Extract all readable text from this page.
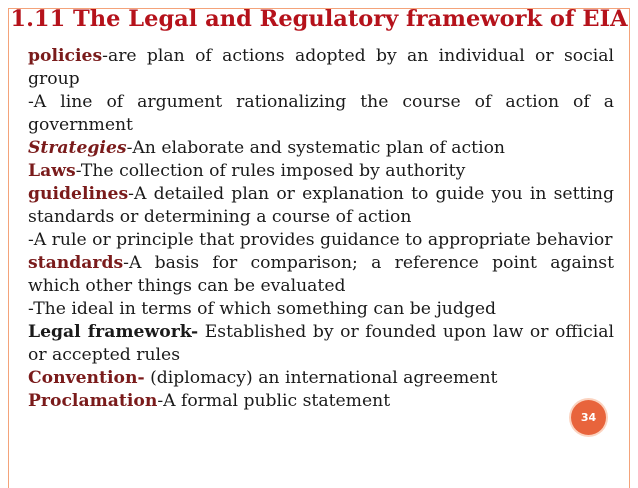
1.11 The Legal and Regulatory framework of EIA

policies-are plan of actions adopted by an individual or social group

-A line of argument rationalizing the course of action of a government

Strategies-An elaborate and systematic plan of action

Laws-The collection of rules imposed by authority

guidelines-A detailed plan or explanation to guide you in setting standards or determining a course of action

-A rule or principle that provides guidance to appropriate behavior

standards-A basis for comparison; a reference point against which other things can be evaluated

-The ideal in terms of which something can be judged

Legal framework- Established by or founded upon law or official or accepted rules

Convention- (diplomacy) an international agreement

Proclamation-A formal public statement

34
